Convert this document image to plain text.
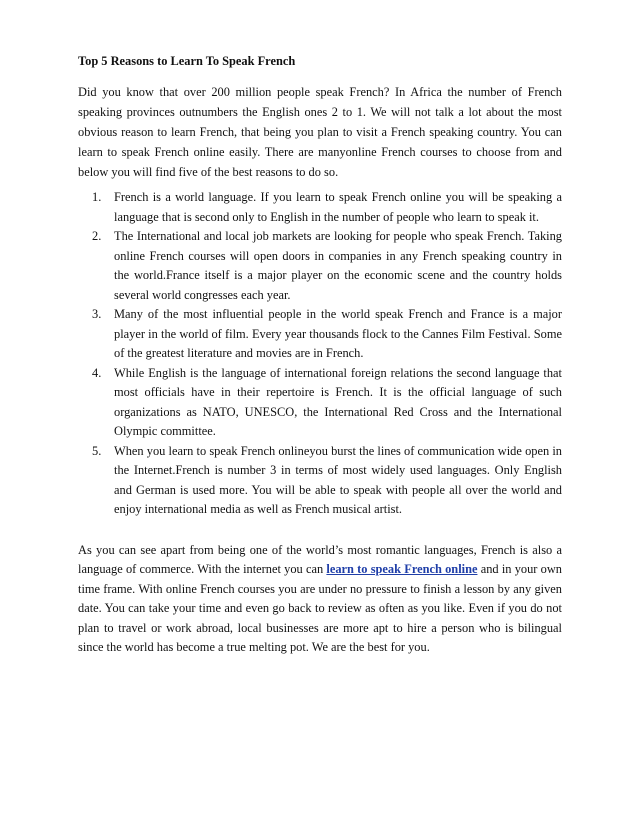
Top 5 Reasons to Learn To Speak French

Did you know that over 200 million people speak French? In Africa the number of French speaking provinces outnumbers the English ones 2 to 1. We will not talk a lot about the most obvious reason to learn French, that being you plan to visit a French speaking country. You can learn to speak French online easily. There are manyonline French courses to choose from and below you will find five of the best reasons to do so.

1. French is a world language. If you learn to speak French online you will be speaking a language that is second only to English in the number of people who learn to speak it.
2. The International and local job markets are looking for people who speak French. Taking online French courses will open doors in companies in any French speaking country in the world.France itself is a major player on the economic scene and the country holds several world congresses each year.
3. Many of the most influential people in the world speak French and France is a major player in the world of film. Every year thousands flock to the Cannes Film Festival. Some of the greatest literature and movies are in French.
4. While English is the language of international foreign relations the second language that most officials have in their repertoire is French. It is the official language of such organizations as NATO, UNESCO, the International Red Cross and the International Olympic committee.
5. When you learn to speak French onlineyou burst the lines of communication wide open in the Internet.French is number 3 in terms of most widely used languages. Only English and German is used more. You will be able to speak with people all over the world and enjoy international media as well as French musical artist.

As you can see apart from being one of the world’s most romantic languages, French is also a language of commerce. With the internet you can learn to speak French online and in your own time frame. With online French courses you are under no pressure to finish a lesson by any given date. You can take your time and even go back to review as often as you like. Even if you do not plan to travel or work abroad, local businesses are more apt to hire a person who is bilingual since the world has become a true melting pot. We are the best for you.
